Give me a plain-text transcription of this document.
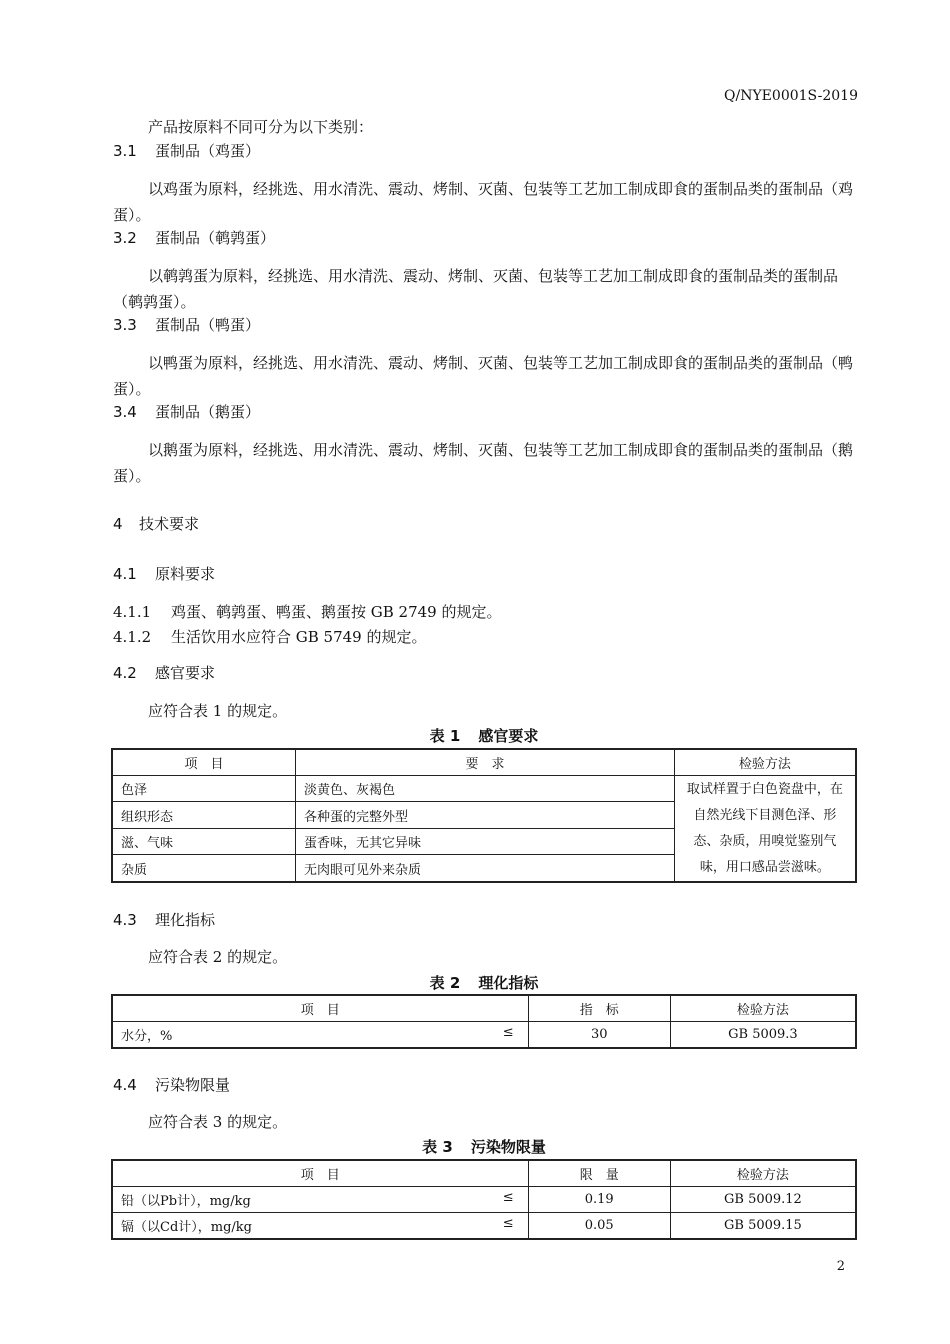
Q/NYE0001S-2019
产品按原料不同可分为以下类别：
3.1 蛋制品（鸡蛋）
以鸡蛋为原料，经挑选、用水清洗、震动、烤制、灭菌、包装等工艺加工制成即食的蛋制品类的蛋制品（鸡蛋）。
3.2 蛋制品（鹌鹑蛋）
以鹌鹑蛋为原料，经挑选、用水清洗、震动、烤制、灭菌、包装等工艺加工制成即食的蛋制品类的蛋制品（鹌鹑蛋）。
3.3 蛋制品（鸭蛋）
以鸭蛋为原料，经挑选、用水清洗、震动、烤制、灭菌、包装等工艺加工制成即食的蛋制品类的蛋制品（鸭蛋）。
3.4 蛋制品（鹅蛋）
以鹅蛋为原料，经挑选、用水清洗、震动、烤制、灭菌、包装等工艺加工制成即食的蛋制品类的蛋制品（鹅蛋）。
4 技术要求
4.1 原料要求
4.1.1 鸡蛋、鹌鹑蛋、鸭蛋、鹅蛋按 GB 2749 的规定。
4.1.2 生活饮用水应符合 GB 5749 的规定。
4.2 感官要求
应符合表 1 的规定。
表 1 感官要求
项　目	要　求	检验方法
色泽	淡黄色、灰褐色	取试样置于白色瓷盘中，在自然光线下目测色泽、形态、杂质，用嗅觉鉴别气味，用口感品尝滋味。
组织形态	各种蛋的完整外型	
滋、气味	蛋香味，无其它异味	
杂质	无肉眼可见外来杂质	
4.3 理化指标
应符合表 2 的规定。
表 2 理化指标
项　目	指　标	检验方法
水分，% ≤	30	GB 5009.3
4.4 污染物限量
应符合表 3 的规定。
表 3 污染物限量
项　目	限　量	检验方法
铅（以Pb计），mg/kg ≤	0.19	GB 5009.12
镉（以Cd计），mg/kg ≤	0.05	GB 5009.15
2
